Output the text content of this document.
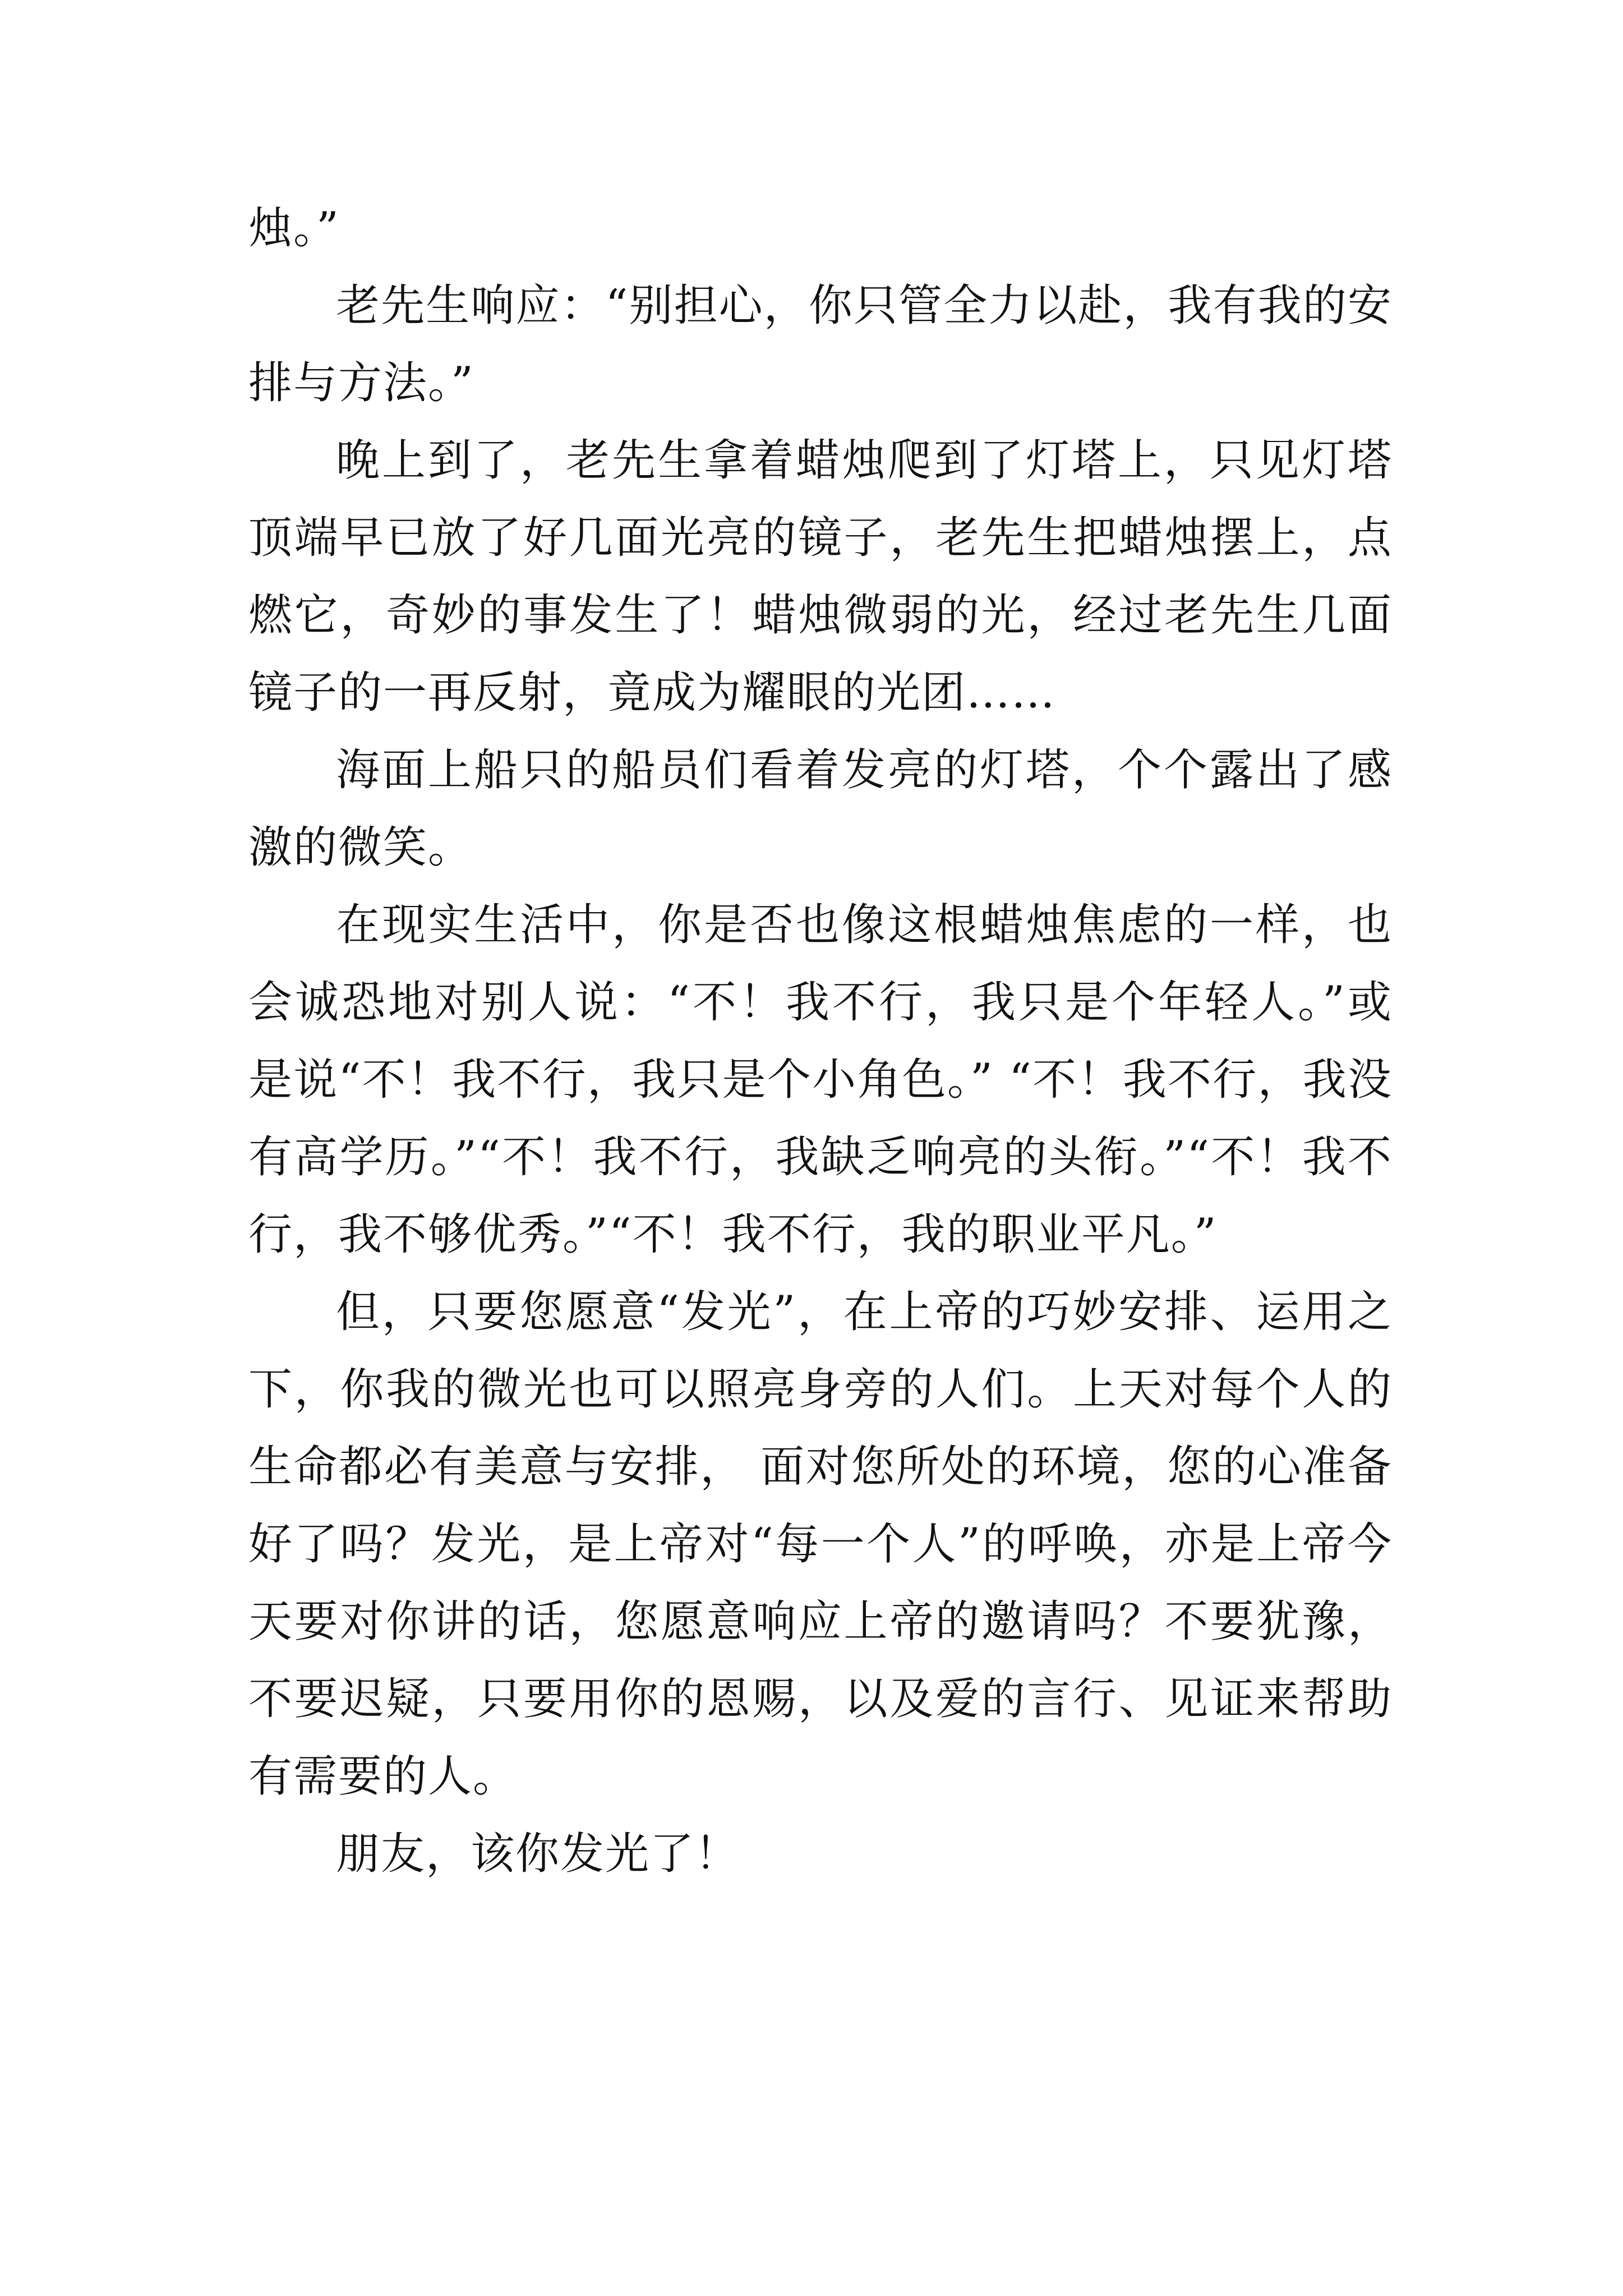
烛。”

老先生响应：“别担心，你只管全力以赴，我有我的安排与方法。”

晚上到了，老先生拿着蜡烛爬到了灯塔上，只见灯塔顶端早已放了好几面光亮的镜子，老先生把蜡烛摆上，点燃它，奇妙的事发生了！蜡烛微弱的光，经过老先生几面镜子的一再反射，竟成为耀眼的光团……

海面上船只的船员们看着发亮的灯塔，个个露出了感激的微笑。

在现实生活中，你是否也像这根蜡烛焦虑的一样，也会诚恐地对别人说：“不！我不行，我只是个年轻人。”或是说“不！我不行，我只是个小角色。” “不！我不行，我没有高学历。”“不！我不行，我缺乏响亮的头衔。”“不！我不行，我不够优秀。”“不！我不行，我的职业平凡。”

但，只要您愿意“发光”，在上帝的巧妙安排、运用之下，你我的微光也可以照亮身旁的人们。上天对每个人的生命都必有美意与安排， 面对您所处的环境，您的心准备好了吗？发光，是上帝对“每一个人”的呼唤，亦是上帝今天要对你讲的话，您愿意响应上帝的邀请吗？不要犹豫，不要迟疑，只要用你的恩赐，以及爱的言行、见证来帮助有需要的人。

朋友，该你发光了！
